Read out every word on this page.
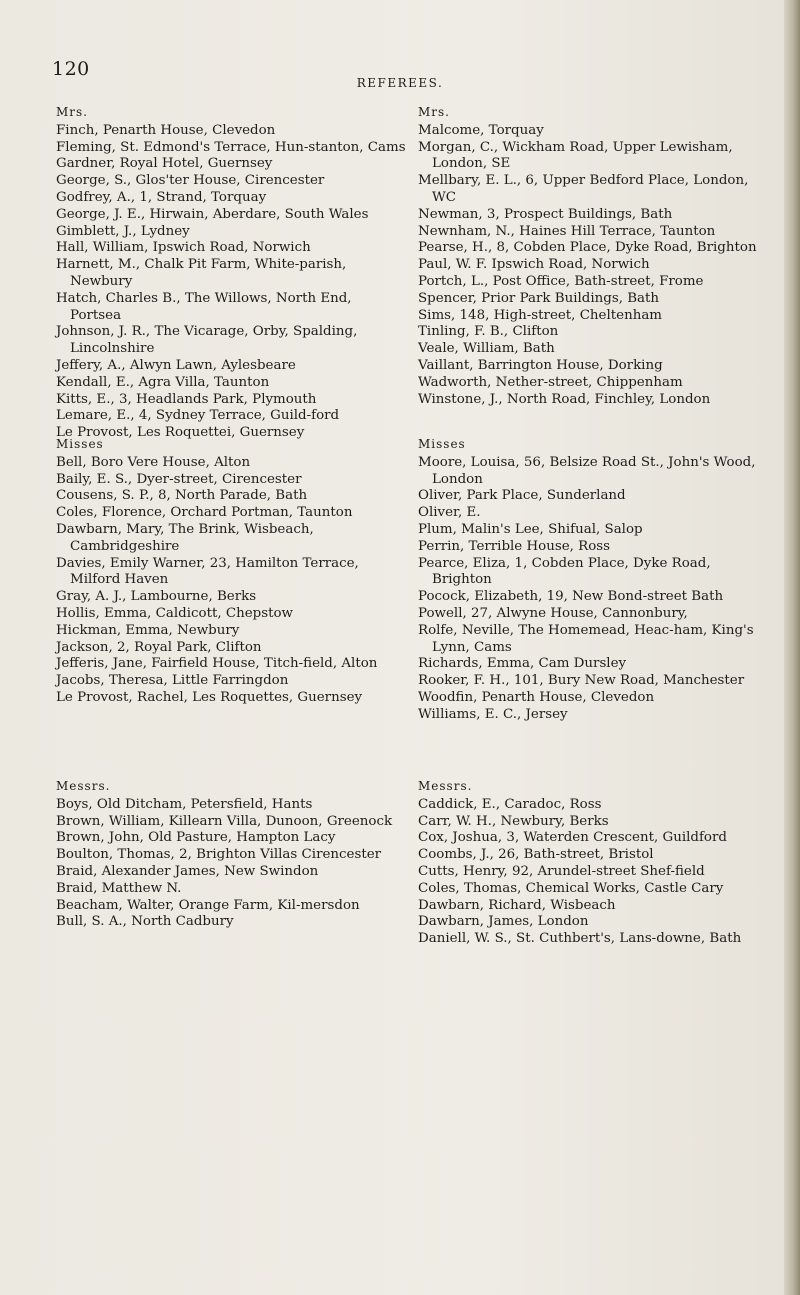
120
REFEREES.
Mrs.

Finch, Penarth House, Clevedon

Fleming, St. Edmond's Terrace, Hun-stanton, Cams

Gardner, Royal Hotel, Guernsey

George, S., Glos'ter House, Cirencester

Godfrey, A., 1, Strand, Torquay

George, J. E., Hirwain, Aberdare, South Wales

Gimblett, J., Lydney

Hall, William, Ipswich Road, Norwich

Harnett, M., Chalk Pit Farm, White-parish, Newbury

Hatch, Charles B., The Willows, North End, Portsea

Johnson, J. R., The Vicarage, Orby, Spalding, Lincolnshire

Jeffery, A., Alwyn Lawn, Aylesbeare

Kendall, E., Agra Villa, Taunton

Kitts, E., 3, Headlands Park, Plymouth

Lemare, E., 4, Sydney Terrace, Guild-ford

Le Provost, Les Roquettei, Guernsey

Misses

Bell, Boro Vere House, Alton

Baily, E. S., Dyer-street, Cirencester

Cousens, S. P., 8, North Parade, Bath

Coles, Florence, Orchard Portman, Taunton

Dawbarn, Mary, The Brink, Wisbeach, Cambridgeshire

Davies, Emily Warner, 23, Hamilton Terrace, Milford Haven

Gray, A. J., Lambourne, Berks

Hollis, Emma, Caldicott, Chepstow

Hickman, Emma, Newbury

Jackson, 2, Royal Park, Clifton

Jefferis, Jane, Fairfield House, Titch-field, Alton

Jacobs, Theresa, Little Farringdon

Le Provost, Rachel, Les Roquettes, Guernsey

Messrs.

Boys, Old Ditcham, Petersfield, Hants

Brown, William, Killearn Villa, Dunoon, Greenock

Brown, John, Old Pasture, Hampton Lacy

Boulton, Thomas, 2, Brighton Villas Cirencester

Braid, Alexander James, New Swindon

Braid, Matthew N.

Beacham, Walter, Orange Farm, Kil-mersdon

Bull, S. A., North Cadbury

Mrs.

Malcome, Torquay

Morgan, C., Wickham Road, Upper Lewisham, London, SE

Mellbary, E. L., 6, Upper Bedford Place, London, WC

Newman, 3, Prospect Buildings, Bath

Newnham, N., Haines Hill Terrace, Taunton

Pearse, H., 8, Cobden Place, Dyke Road, Brighton

Paul, W. F. Ipswich Road, Norwich

Portch, L., Post Office, Bath-street, Frome

Spencer, Prior Park Buildings, Bath

Sims, 148, High-street, Cheltenham

Tinling, F. B., Clifton

Veale, William, Bath

Vaillant, Barrington House, Dorking

Wadworth, Nether-street, Chippenham

Winstone, J., North Road, Finchley, London

Misses

Moore, Louisa, 56, Belsize Road St., John's Wood, London

Oliver, Park Place, Sunderland

Oliver, E.

Plum, Malin's Lee, Shifual, Salop

Perrin, Terrible House, Ross

Pearce, Eliza, 1, Cobden Place, Dyke Road, Brighton

Pocock, Elizabeth, 19, New Bond-street Bath

Powell, 27, Alwyne House, Cannonbury,

Rolfe, Neville, The Homemead, Heac-ham, King's Lynn, Cams

Richards, Emma, Cam Dursley

Rooker, F. H., 101, Bury New Road, Manchester

Woodfin, Penarth House, Clevedon

Williams, E. C., Jersey

Messrs.

Caddick, E., Caradoc, Ross

Carr, W. H., Newbury, Berks

Cox, Joshua, 3, Waterden Crescent, Guildford

Coombs, J., 26, Bath-street, Bristol

Cutts, Henry, 92, Arundel-street Shef-field

Coles, Thomas, Chemical Works, Castle Cary

Dawbarn, Richard, Wisbeach

Dawbarn, James, London

Daniell, W. S., St. Cuthbert's, Lans-downe, Bath
